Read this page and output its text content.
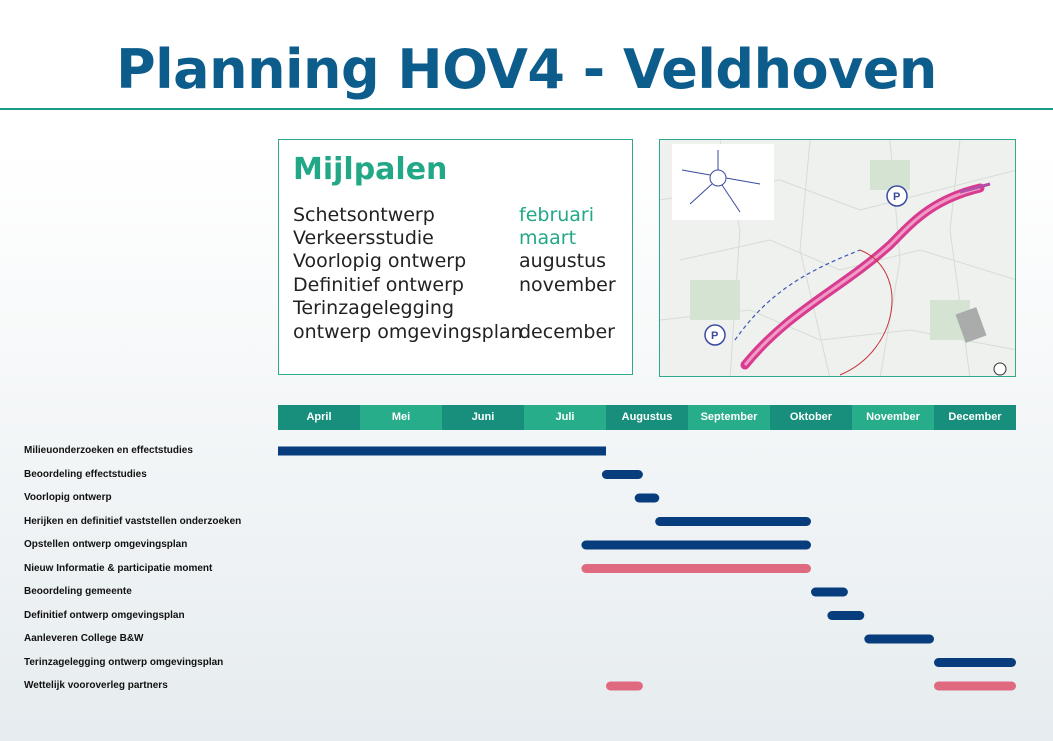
Planning HOV4 - Veldhoven
Mijlpalen
Schetsontwerp	februari
Verkeersstudie	maart
Voorlopig ontwerp	augustus
Definitief ontwerp	november
Terinzagelegging
ontwerp omgevingsplan
december	P
P
April	Mei	Juni	Juli	Augustus	September	Oktober	November	December
Milieuonderzoeken en effectstudies
Beoordeling effectstudies
Voorlopig ontwerp
Herijken en definitief vaststellen onderzoeken
Opstellen ontwerp omgevingsplan
Nieuw Informatie & participatie moment
Beoordeling gemeente
Definitief ontwerp omgevingsplan
Aanleveren College B&W
Terinzagelegging ontwerp omgevingsplan
Wettelijk vooroverleg partners
